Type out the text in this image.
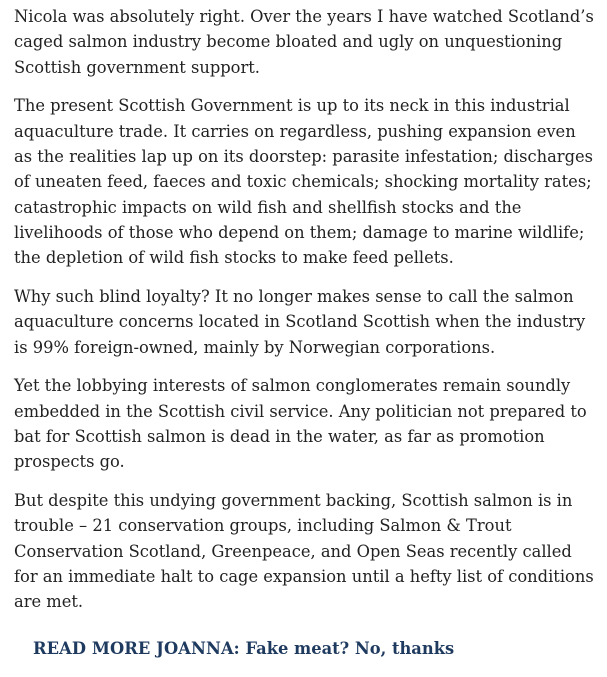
Nicola was absolutely right. Over the years I have watched Scotland’s caged salmon industry become bloated and ugly on unquestioning Scottish government support.

The present Scottish Government is up to its neck in this industrial aquaculture trade. It carries on regardless, pushing expansion even as the realities lap up on its doorstep: parasite infestation; discharges of uneaten feed, faeces and toxic chemicals; shocking mortality rates; catastrophic impacts on wild fish and shellfish stocks and the livelihoods of those who depend on them; damage to marine wildlife; the depletion of wild fish stocks to make feed pellets.

Why such blind loyalty? It no longer makes sense to call the salmon aquaculture concerns located in Scotland Scottish when the industry is 99% foreign-owned, mainly by Norwegian corporations.

Yet the lobbying interests of salmon conglomerates remain soundly embedded in the Scottish civil service. Any politician not prepared to bat for Scottish salmon is dead in the water, as far as promotion prospects go.

But despite this undying government backing, Scottish salmon is in trouble – 21 conservation groups, including Salmon & Trout Conservation Scotland, Greenpeace, and Open Seas recently called for an immediate halt to cage expansion until a hefty list of conditions are met.

READ MORE JOANNA: Fake meat? No, thanks
